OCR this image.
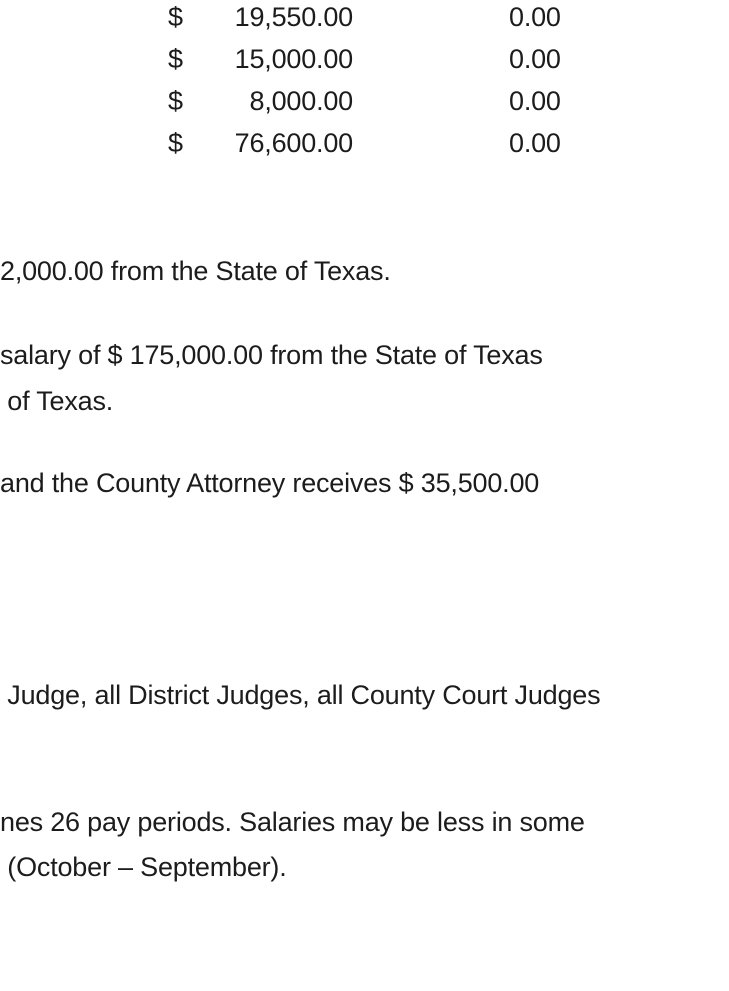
$ 19,550.00	0.00
$ 15,000.00	0.00
$ 8,000.00	0.00
$ 76,600.00	0.00
2,000.00 from the State of Texas.
salary of $ 175,000.00 from the State of Texas
of Texas.
and the County Attorney receives $ 35,500.00
Judge, all District Judges, all County Court Judges
nes 26 pay periods. Salaries may be less in some
(October – September).
